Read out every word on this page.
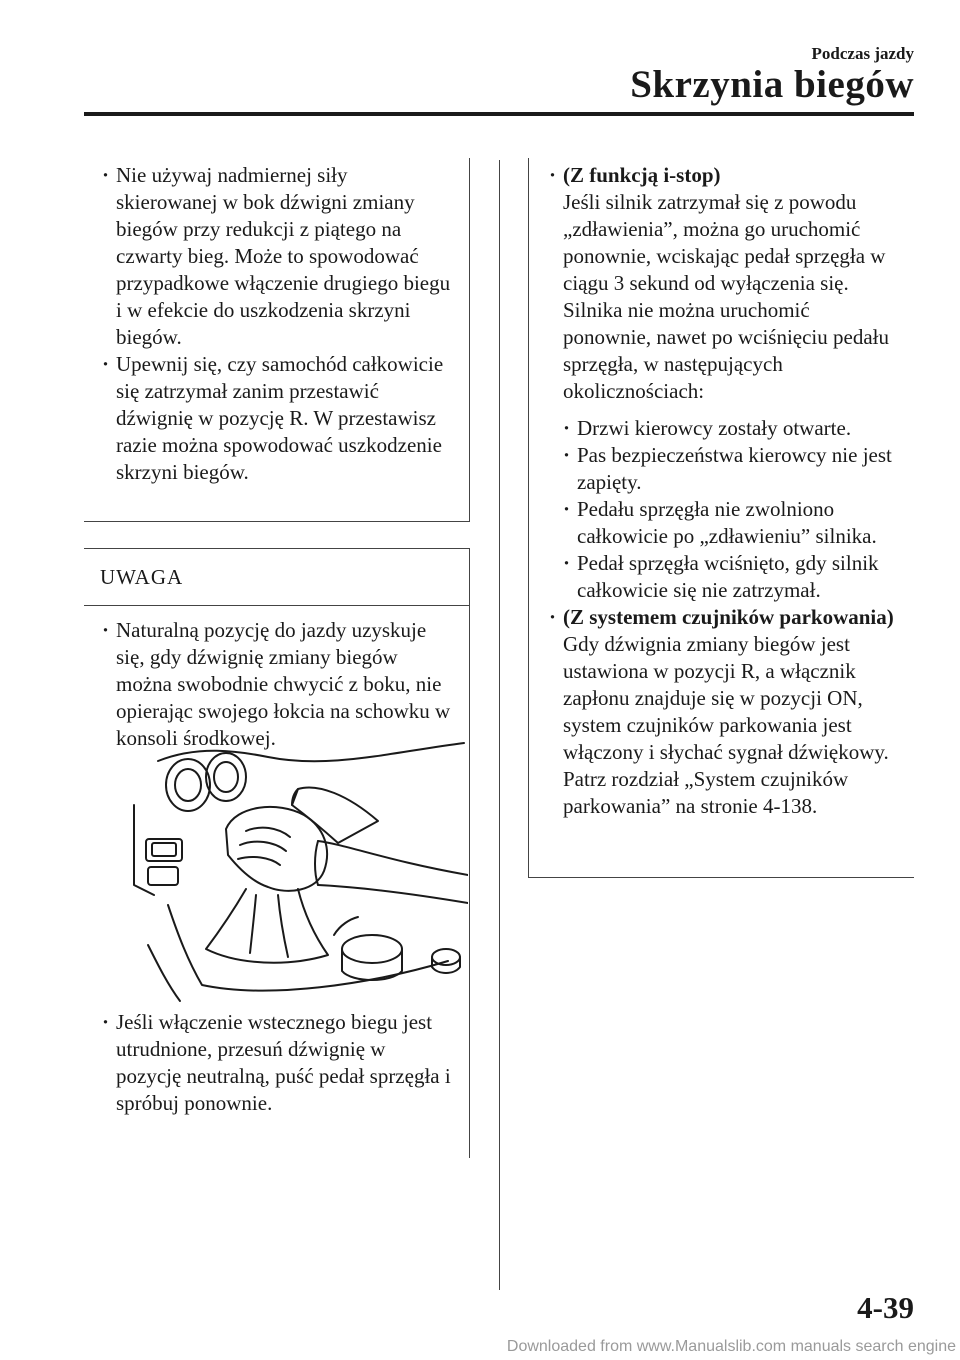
Podczas jazdy
Skrzynia biegów
· Nie używaj nadmiernej siły skierowanej w bok dźwigni zmiany biegów przy redukcji z piątego na czwarty bieg. Może to spowodować przypadkowe włączenie drugiego biegu i w efekcie do uszkodzenia skrzyni biegów.
· Upewnij się, czy samochód całkowicie się zatrzymał zanim przestawić dźwignię w pozycję R. W przestawisz razie można spowodować uszkodzenie skrzyni biegów.
UWAGA
· Naturalną pozycję do jazdy uzyskuje się, gdy dźwignię zmiany biegów można swobodnie chwycić z boku, nie opierając swojego łokcia na schowku w konsoli środkowej.
· Jeśli włączenie wstecznego biegu jest utrudnione, przesuń dźwignię w pozycję neutralną, puść pedał sprzęgła i spróbuj ponownie.
· (Z funkcją i-stop)
Jeśli silnik zatrzymał się z powodu „zdławienia”, można go uruchomić ponownie, wciskając pedał sprzęgła w ciągu 3 sekund od wyłączenia się. Silnika nie można uruchomić ponownie, nawet po wciśnięciu pedału sprzęgła, w następujących okolicznościach:
· Drzwi kierowcy zostały otwarte.
· Pas bezpieczeństwa kierowcy nie jest zapięty.
· Pedału sprzęgła nie zwolniono całkowicie po „zdławieniu” silnika.
· Pedał sprzęgła wciśnięto, gdy silnik całkowicie się nie zatrzymał.
· (Z systemem czujników parkowania)
Gdy dźwignia zmiany biegów jest ustawiona w pozycji R, a włącznik zapłonu znajduje się w pozycji ON, system czujników parkowania jest włączony i słychać sygnał dźwiękowy.
Patrz rozdział „System czujników parkowania” na stronie 4-138.
4-39
Downloaded from www.Manualslib.com manuals search engine
